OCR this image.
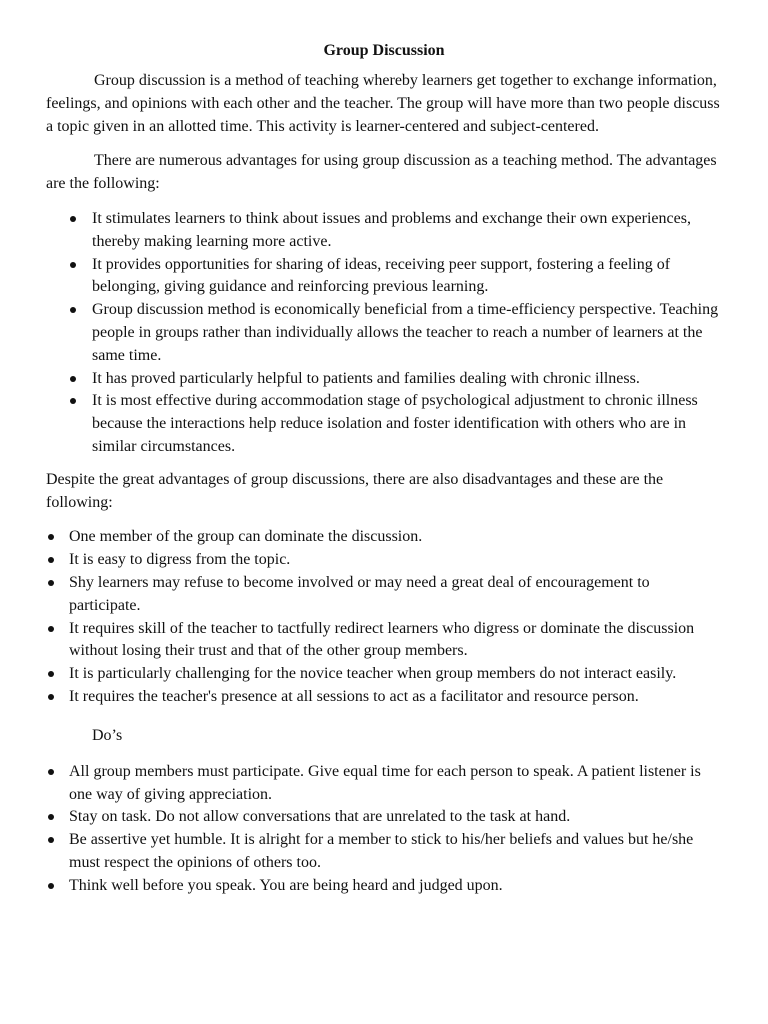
Group Discussion

Group discussion is a method of teaching whereby learners get together to exchange information, feelings, and opinions with each other and the teacher. The group will have more than two people discuss a topic given in an allotted time. This activity is learner-centered and subject-centered.

There are numerous advantages for using group discussion as a teaching method. The advantages are the following:

It stimulates learners to think about issues and problems and exchange their own experiences, thereby making learning more active.
It provides opportunities for sharing of ideas, receiving peer support, fostering a feeling of belonging, giving guidance and reinforcing previous learning.
Group discussion method is economically beneficial from a time-efficiency perspective. Teaching people in groups rather than individually allows the teacher to reach a number of learners at the same time.
It has proved particularly helpful to patients and families dealing with chronic illness.
It is most effective during accommodation stage of psychological adjustment to chronic illness because the interactions help reduce isolation and foster identification with others who are in similar circumstances.

Despite the great advantages of group discussions, there are also disadvantages and these are the following:

One member of the group can dominate the discussion.
It is easy to digress from the topic.
Shy learners may refuse to become involved or may need a great deal of encouragement to participate.
It requires skill of the teacher to tactfully redirect learners who digress or dominate the discussion without losing their trust and that of the other group members.
It is particularly challenging for the novice teacher when group members do not interact easily.
It requires the teacher's presence at all sessions to act as a facilitator and resource person.
Do’s
All group members must participate. Give equal time for each person to speak. A patient listener is one way of giving appreciation.
Stay on task. Do not allow conversations that are unrelated to the task at hand.
Be assertive yet humble. It is alright for a member to stick to his/her beliefs and values but he/she must respect the opinions of others too.
Think well before you speak. You are being heard and judged upon.
